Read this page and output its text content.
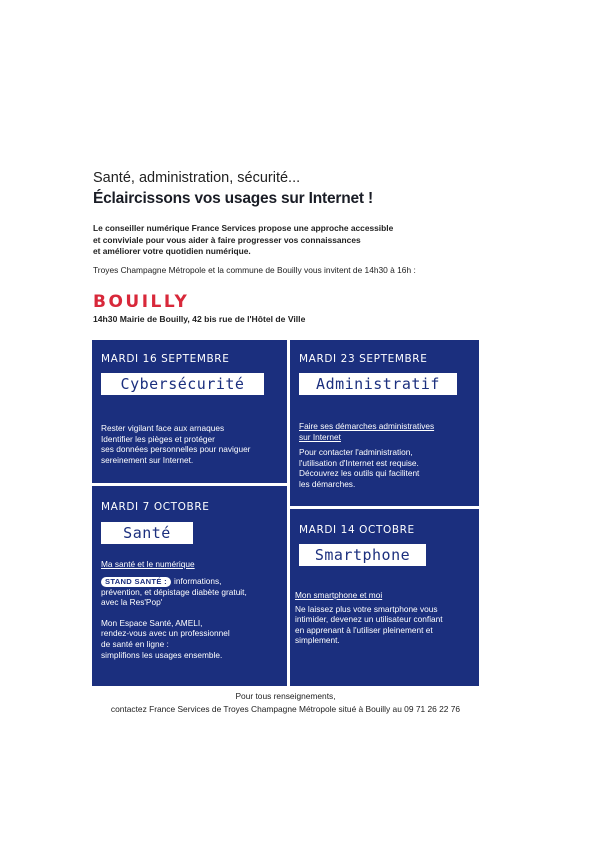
Santé, administration, sécurité...
Éclaircissons vos usages sur Internet !
Le conseiller numérique France Services propose une approche accessible
et conviviale pour vous aider à faire progresser vos connaissances
et améliorer votre quotidien numérique.
Troyes Champagne Métropole et la commune de Bouilly vous invitent de 14h30 à 16h :
BOUILLY
14h30 Mairie de Bouilly, 42 bis rue de l'Hôtel de Ville
MARDI 16 SEPTEMBRE
Cybersécurité
Rester vigilant face aux arnaques
Identifier les pièges et protéger
ses données personnelles pour naviguer
sereinement sur Internet.
MARDI 23 SEPTEMBRE
Administratif
Faire ses démarches administratives
sur Internet
Pour contacter l'administration,
l'utilisation d'Internet est requise.
Découvrez les outils qui facilitent
les démarches.
MARDI 7 OCTOBRE
Santé
Ma santé et le numérique
STAND SANTÉ : informations,
prévention, et dépistage diabète gratuit,
avec la Res'Pop'
Mon Espace Santé, AMELI,
rendez-vous avec un professionnel
de santé en ligne :
simplifions les usages ensemble.
MARDI 14 OCTOBRE
Smartphone
Mon smartphone et moi
Ne laissez plus votre smartphone vous
intimider, devenez un utilisateur confiant
en apprenant à l'utiliser pleinement et
simplement.
Pour tous renseignements,
contactez France Services de Troyes Champagne Métropole situé à Bouilly au 09 71 26 22 76
